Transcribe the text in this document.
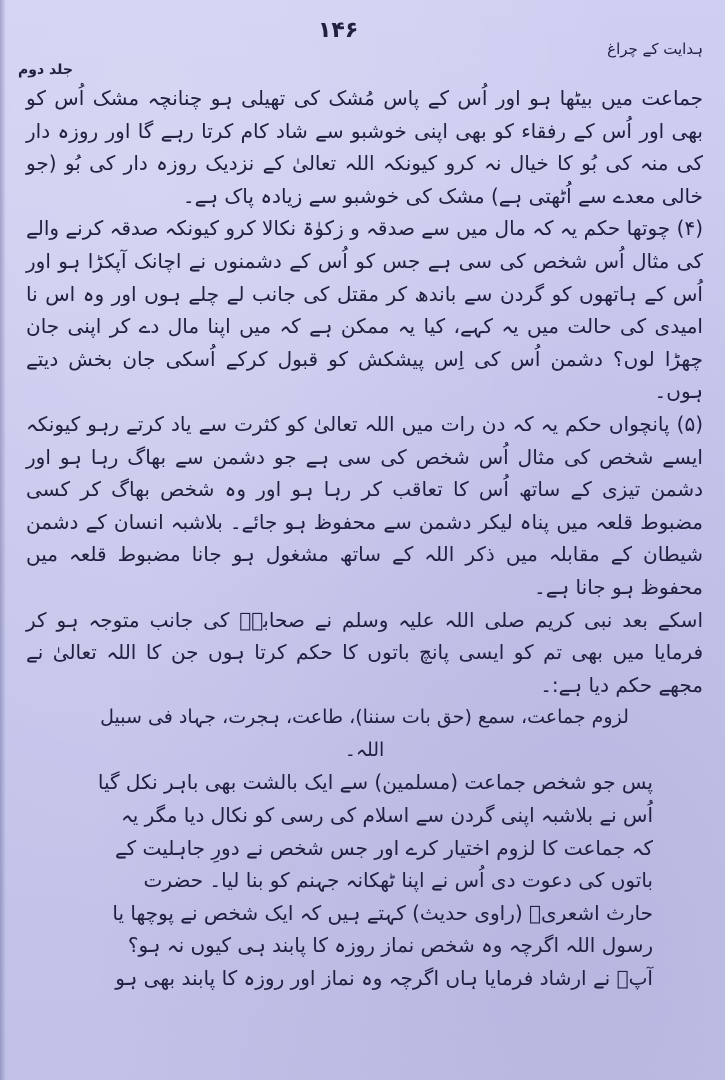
ہدایت کے چراغ
۱۴۶
جلد دوم

جماعت میں بیٹھا ہو اور اُس کے پاس مُشک کی تھیلی ہو چنانچہ مشک اُس کو بھی اور اُس کے رفقاء کو بھی اپنی خوشبو سے شاد کام کرتا رہے گا اور روزہ دار کی منہ کی بُو کا خیال نہ کرو کیونکہ اللہ تعالیٰ کے نزدیک روزہ دار کی بُو (جو خالی معدے سے اُٹھتی ہے) مشک کی خوشبو سے زیادہ پاک ہے۔

(۴) چوتھا حکم یہ کہ مال میں سے صدقہ و زکوٰۃ نکالا کرو کیونکہ صدقہ کرنے والے کی مثال اُس شخص کی سی ہے جس کو اُس کے دشمنوں نے اچانک آپکڑا ہو اور اُس کے ہاتھوں کو گردن سے باندھ کر مقتل کی جانب لے چلے ہوں اور وہ اس نا امیدی کی حالت میں یہ کہے، کیا یہ ممکن ہے کہ میں اپنا مال دے کر اپنی جان چھڑا لوں؟ دشمن اُس کی اِس پیشکش کو قبول کرکے اُسکی جان بخش دیتے ہوں۔

(۵) پانچواں حکم یہ کہ دن رات میں اللہ تعالیٰ کو کثرت سے یاد کرتے رہو کیونکہ ایسے شخص کی مثال اُس شخص کی سی ہے جو دشمن سے بھاگ رہا ہو اور دشمن تیزی کے ساتھ اُس کا تعاقب کر رہا ہو اور وہ شخص بھاگ کر کسی مضبوط قلعہ میں پناہ لیکر دشمن سے محفوظ ہو جائے۔ بلاشبہ انسان کے دشمن شیطان کے مقابلہ میں ذکر اللہ کے ساتھ مشغول ہو جانا مضبوط قلعہ میں محفوظ ہو جانا ہے۔

اسکے بعد نبی کریم صلی اللہ علیہ وسلم نے صحابہؓ کی جانب متوجہ ہو کر فرمایا میں بھی تم کو ایسی پانچ باتوں کا حکم کرتا ہوں جن کا اللہ تعالیٰ نے مجھے حکم دیا ہے:۔

لزوم جماعت، سمع (حق بات سننا)، طاعت، ہجرت، جہاد فی سبیل اللہ۔

پس جو شخص جماعت (مسلمین) سے ایک بالشت بھی باہر نکل گیا اُس نے بلاشبہ اپنی گردن سے اسلام کی رسی کو نکال دیا مگر یہ کہ جماعت کا لزوم اختیار کرے اور جس شخص نے دورِ جاہلیت کے باتوں کی دعوت دی اُس نے اپنا ٹھکانہ جہنم کو بنا لیا۔ حضرت حارث اشعریؓ (راوی حدیث) کہتے ہیں کہ ایک شخص نے پوچھا یا رسول اللہ اگرچہ وہ شخص نماز روزہ کا پابند ہی کیوں نہ ہو؟

آپؐ نے ارشاد فرمایا ہاں اگرچہ وہ نماز اور روزہ کا پابند بھی ہو
